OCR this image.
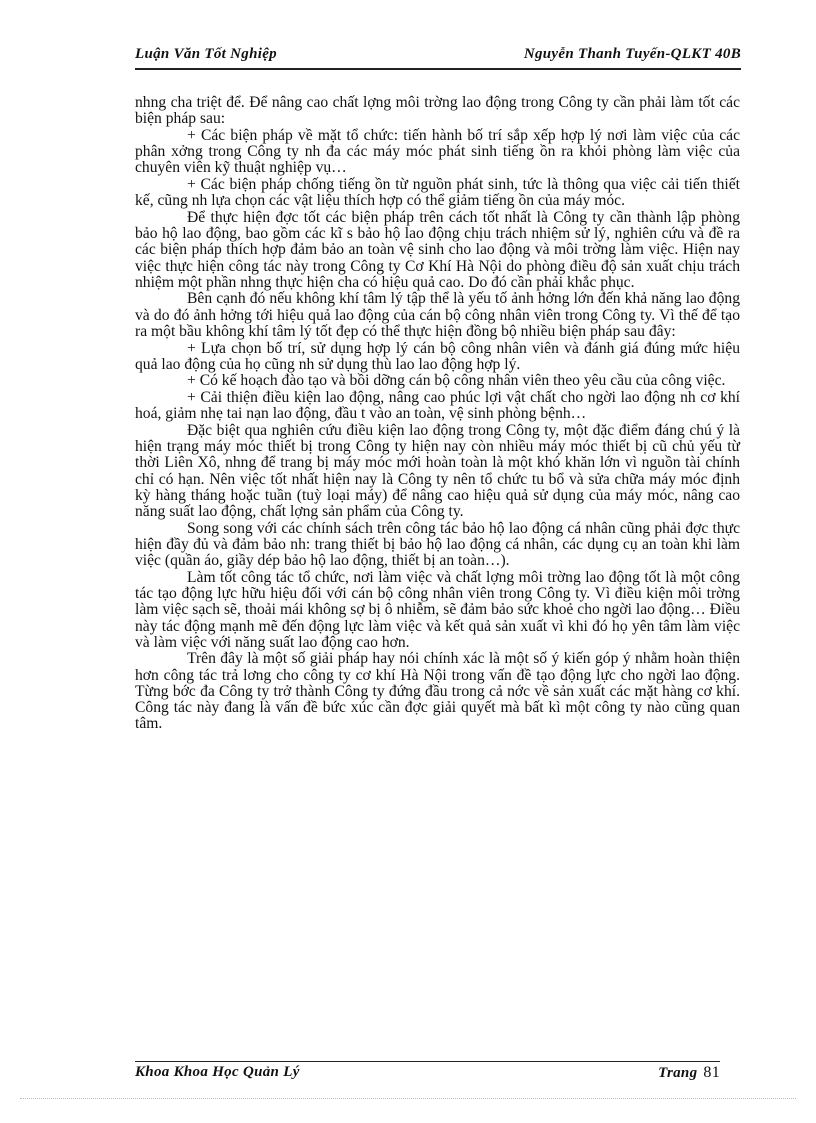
Luận Văn Tốt Nghiệp	Nguyễn Thanh Tuyến-QLKT 40B

nhng cha triệt để. Để nâng cao chất lợng môi trờng lao động trong Công ty cần phải làm tốt các biện pháp sau:

+ Các biện pháp về mặt tổ chức: tiến hành bố trí sắp xếp hợp lý nơi làm việc của các phân xởng trong Công ty nh đa các máy móc phát sinh tiếng ồn ra khỏi phòng làm việc của chuyên viên kỹ thuật nghiệp vụ…

+ Các biện pháp chống tiếng ồn từ nguồn phát sinh, tức là thông qua việc cải tiến thiết kế, cũng nh lựa chọn các vật liệu thích hợp có thể giảm tiếng ồn của máy móc.

Để thực hiện đợc tốt các biện pháp trên cách tốt nhất là Công ty cần thành lập phòng bảo hộ lao động, bao gồm các kĩ s bảo hộ lao động chịu trách nhiệm sử lý, nghiên cứu và đề ra các biện pháp thích hợp đảm bảo an toàn vệ sinh cho lao động và môi trờng làm việc. Hiện nay việc thực hiện công tác này trong Công ty Cơ Khí Hà Nội do phòng điều độ sản xuất chịu trách nhiệm một phần nhng thực hiện cha có hiệu quả cao. Do đó cần phải khắc phục.

Bên cạnh đó nếu không khí tâm lý tập thể là yếu tố ảnh hởng lớn đến khả năng lao động và do đó ảnh hởng tới hiệu quả lao động của cán bộ công nhân viên trong Công ty. Vì thế để tạo ra một bầu không khí tâm lý tốt đẹp có thể thực hiện đồng bộ nhiều biện pháp sau đây:

+ Lựa chọn bố trí, sử dụng hợp lý cán bộ công nhân viên và đánh giá đúng mức hiệu quả lao động của họ cũng nh sử dụng thù lao lao động hợp lý.

+ Có kế hoạch đào tạo và bồi dỡng cán bộ công nhân viên theo yêu cầu của công việc.

+ Cải thiện điều kiện lao động, nâng cao phúc lợi vật chất cho ngời lao động nh cơ khí hoá, giảm nhẹ tai nạn lao động, đầu t vào an toàn, vệ sinh phòng bệnh…

Đặc biệt qua nghiên cứu điều kiện lao động trong Công ty, một đặc điểm đáng chú ý là hiện trạng máy móc thiết bị trong Công ty hiện nay còn nhiều máy móc thiết bị cũ chủ yếu từ thời Liên Xô, nhng để trang bị máy móc mới hoàn toàn là một khó khăn lớn vì nguồn tài chính chỉ có hạn. Nên việc tốt nhất hiện nay là Công ty nên tổ chức tu bổ và sửa chữa máy móc định kỳ hàng tháng hoặc tuần (tuỳ loại máy) để nâng cao hiệu quả sử dụng của máy móc, nâng cao năng suất lao động, chất lợng sản phẩm của Công ty.

Song song với các chính sách trên công tác bảo hộ lao động cá nhân cũng phải đợc thực hiện đầy đủ và đảm bảo nh: trang thiết bị bảo hộ lao động cá nhân, các dụng cụ an toàn khi làm việc (quần áo, giầy dép bảo hộ lao động, thiết bị an toàn…).

Làm tốt công tác tổ chức, nơi làm việc và chất lợng môi trờng lao động tốt là một công tác tạo động lực hữu hiệu đối với cán bộ công nhân viên trong Công ty. Vì điều kiện môi trờng làm việc sạch sẽ, thoải mái không sợ bị ô nhiễm, sẽ đảm bảo sức khoẻ cho ngời lao động… Điều này tác động mạnh mẽ đến động lực làm việc và kết quả sản xuất vì khi đó họ yên tâm làm việc và làm việc với năng suất lao động cao hơn.

Trên đây là một số giải pháp hay nói chính xác là một số ý kiến góp ý nhằm hoàn thiện hơn công tác trả lơng cho công ty cơ khí Hà Nội trong vấn đề tạo động lực cho ngời lao động. Từng bớc đa Công ty trở thành Công ty đứng đầu trong cả nớc về sản xuất các mặt hàng cơ khí. Công tác này đang là vấn đề bức xúc cần đợc giải quyết mà bất kì một công ty nào cũng quan tâm.

Khoa Khoa Học Quản Lý	Trang 81
